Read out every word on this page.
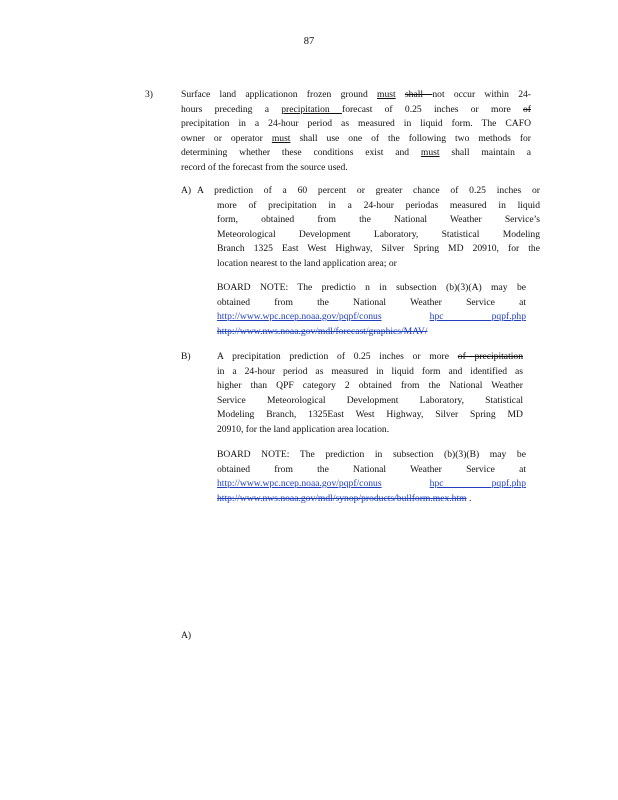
87
3)	Surface land applicationon frozen ground must shall not occur within 24-
hours preceding a precipitation forecast of 0.25 inches or more of
precipitation in a 24-hour period as measured in liquid form. The CAFO
owner or operator must shall use one of the following two methods for
determining whether these conditions exist and must shall maintain a
record of the forecast from the source used.
A) A prediction of a 60 percent or greater chance of 0.25 inches or
more of precipitation in a 24-hour periodas measured in liquid
form, obtained from the National Weather Service’s
Meteorological Development Laboratory, Statistical Modeling
Branch 1325 East West Highway, Silver Spring MD 20910, for the
location nearest to the land application area; or
BOARD NOTE: The predictio n in subsection (b)(3)(A) may be
obtained from the National Weather Service at
http://www.wpc.ncep.noaa.gov/pqpf/conus	hpc pqpf.php
http://www.nws.noaa.gov/mdl/forecast/graphics/MAV/
B)	A precipitation prediction of 0.25 inches or more of precipitation
in a 24-hour period as measured in liquid form and identified as
higher than QPF category 2 obtained from the National Weather
Service Meteorological Development Laboratory, Statistical
Modeling Branch, 1325East West Highway, Silver Spring MD
20910, for the land application area location.
BOARD NOTE: The prediction in subsection (b)(3)(B) may be
obtained from the National Weather Service at
http://www.wpc.ncep.noaa.gov/pqpf/conus	hpc pqpf.php
http://www.nws.noaa.gov/mdl/synop/products/bullform.mex.htm .
A)
